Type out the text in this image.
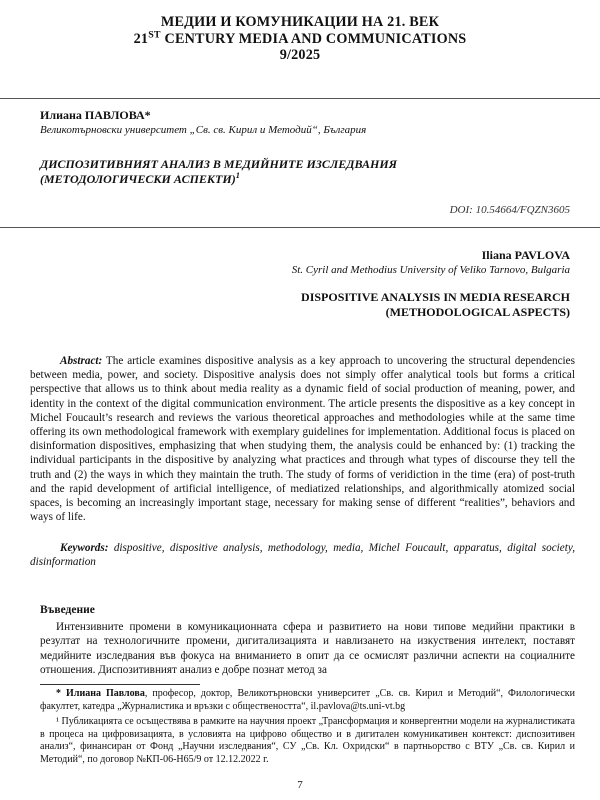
МЕДИИ И КОМУНИКАЦИИ НА 21. ВЕК
21ST CENTURY MEDIA AND COMMUNICATIONS
9/2025
Илиана ПАВЛОВА*
Великотърновски университет „Св. св. Кирил и Методий“, България
ДИСПОЗИТИВНИЯТ АНАЛИЗ В МЕДИЙНИТЕ ИЗСЛЕДВАНИЯ
(МЕТОДОЛОГИЧЕСКИ АСПЕКТИ)$^1$
DOI: 10.54664/FQZN3605
Iliana PAVLOVA
St. Cyril and Methodius University of Veliko Tarnovo, Bulgaria
DISPOSITIVE ANALYSIS IN MEDIA RESEARCH
(METHODOLOGICAL ASPECTS)

Abstract: The article examines dispositive analysis as a key approach to uncovering the structural dependencies between media, power, and society. Dispositive analysis does not simply offer analytical tools but forms a critical perspective that allows us to think about media reality as a dynamic field of social production of meaning, power, and identity in the context of the digital communication environment. The article presents the dispositive as a key concept in Michel Foucault’s research and reviews the various theoretical approaches and methodologies while at the same time offering its own methodological framework with exemplary guidelines for implementation. Additional focus is placed on disinformation dispositives, emphasizing that when studying them, the analysis could be enhanced by: (1) tracking the individual participants in the dispositive by analyzing what practices and through what types of discourse they tell the truth and (2) the ways in which they maintain the truth. The study of forms of veridiction in the time (era) of post-truth and the rapid development of artificial intelligence, of mediatized relationships, and algorithmically atomized social spaces, is becoming an increasingly important stage, necessary for making sense of different “realities”, behaviors and ways of life.

Keywords: dispositive, dispositive analysis, methodology, media, Michel Foucault, apparatus, digital society, disinformation

Въведение

Интензивните промени в комуникационната сфера и развитието на нови типове медийни практики в резултат на технологичните промени, дигитализацията и навлизането на изкуствения интелект, поставят медийните изследвания във фокуса на вниманието в опит да се осмислят различни аспекти на социалните отношения. Диспозитивният анализ е добре познат метод за

* Илиана Павлова, професор, доктор, Великотърновски университет „Св. св. Кирил и Методий“, Филологически факултет, катедра „Журналистика и връзки с обществеността“, il.pavlova@ts.uni-vt.bg

¹ Публикацията се осъществява в рамките на научния проект „Трансформация и конвергентни модели на журналистиката в процеса на цифровизацията, в условията на цифрово общество и в дигитален комуникативен контекст: диспозитивен анализ“, финансиран от Фонд „Научни изследвания“, СУ „Св. Кл. Охридски“ в партньорство с ВТУ „Св. св. Кирил и Методий“, по договор №КП-06-Н65/9 от 12.12.2022 г.

7
